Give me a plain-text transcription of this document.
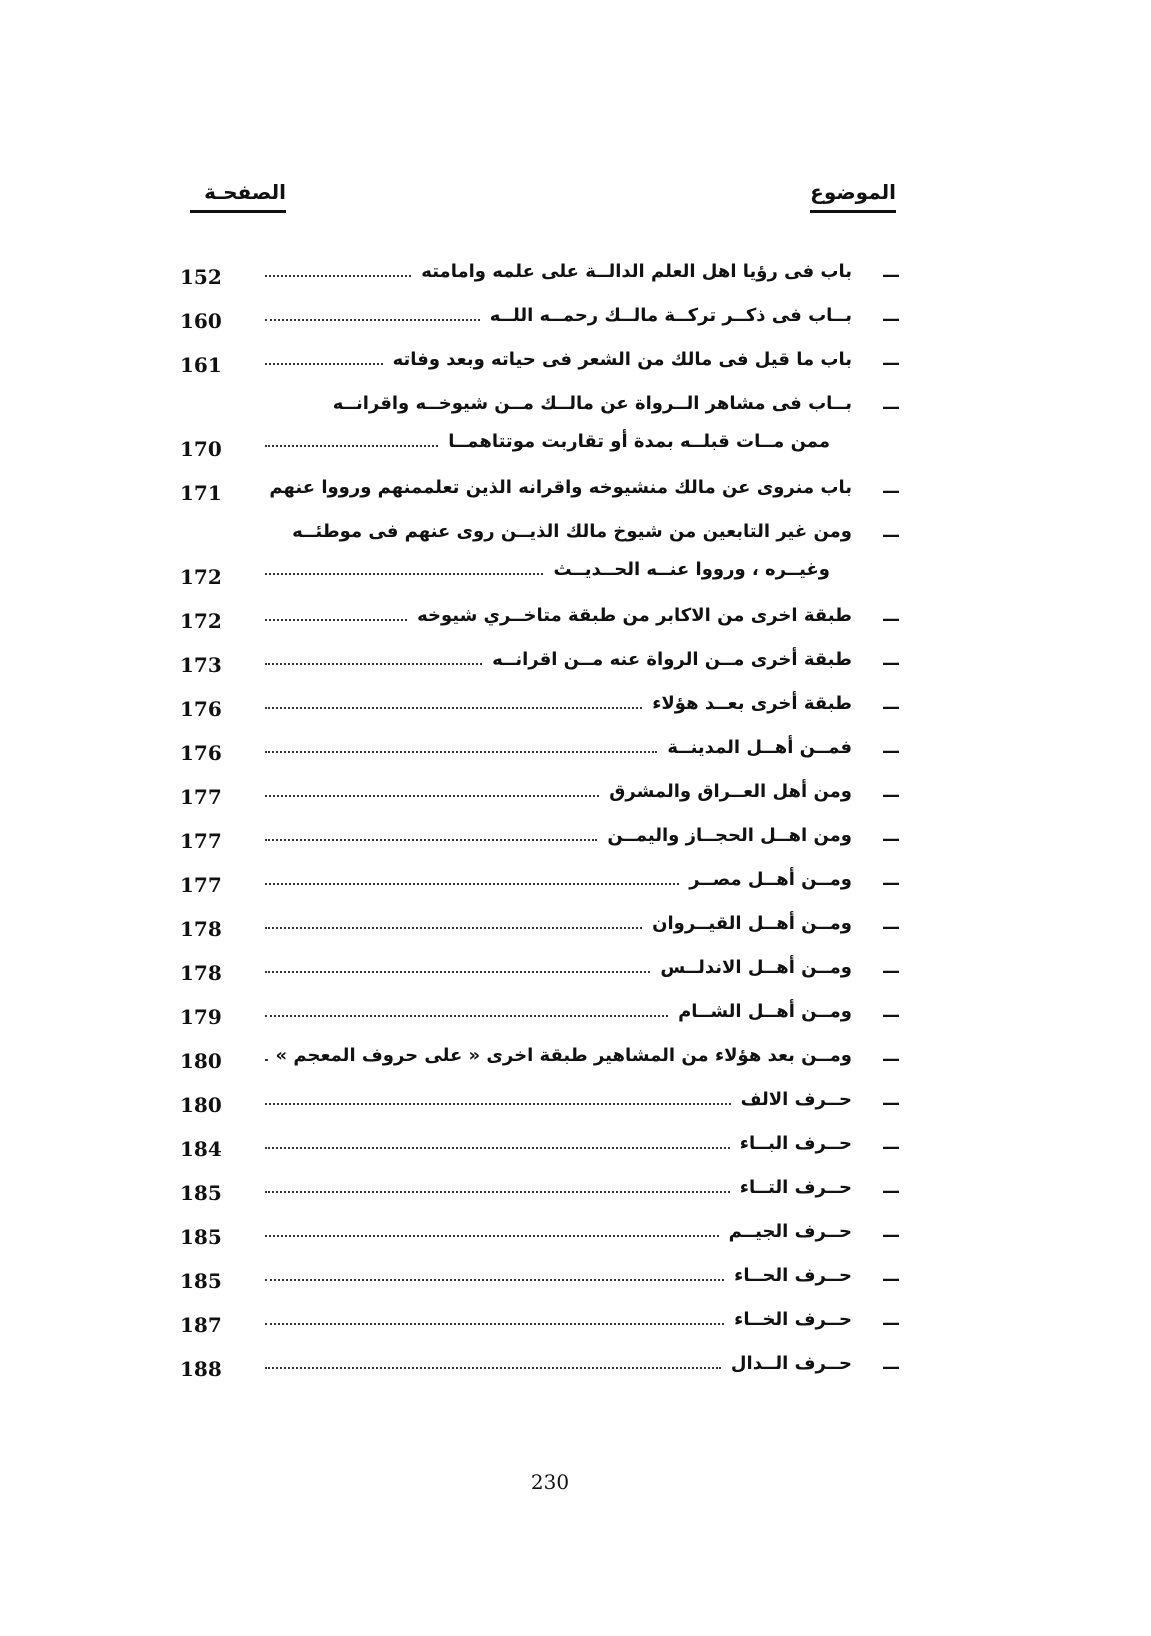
الموضوع
الصفحـة
—
باب فى رؤيا اهل العلم الدالــة على علمه وامامته
152
—
بــاب فى ذكــر تركــة مالــك رحمــه اللــه
160
—
باب ما قيل فى مالك من الشعر فى حياته وبعد وفاته
161
—
بــاب فى مشاهر الــرواة عن مالــك مــن شيوخــه واقرانــه
ممن مــات قبلــه بمدة أو تقاربت موتتاهمــا
170
—
باب منروى عن مالك منشيوخه واقرانه الذين تعلممنهم ورووا عنهم
171
—
ومن غير التابعين من شيوخ مالك الذيــن روى عنهم فى موطئــه
وغيــره ، ورووا عنــه الحــديــث
172
—
طبقة اخرى من الاكابر من طبقة متاخــري شيوخه
172
—
طبقة أخرى مــن الرواة عنه مــن اقرانــه
173
—
طبقة أخرى بعــد هؤلاء
176
—
فمــن أهــل المدينــة
176
—
ومن أهل العــراق والمشرق
177
—
ومن اهــل الحجــاز واليمــن
177
—
ومــن أهــل مصــر
177
—
ومــن أهــل القيــروان
178
—
ومــن أهــل الاندلــس
178
—
ومــن أهــل الشــام
179
—
ومــن بعد هؤلاء من المشاهير طبقة اخرى « على حروف المعجم »
180
—
حــرف الالف
180
—
حــرف البــاء
184
—
حــرف التــاء
185
—
حــرف الجيــم
185
—
حــرف الحــاء
185
—
حــرف الخــاء
187
—
حــرف الــدال
188
230
